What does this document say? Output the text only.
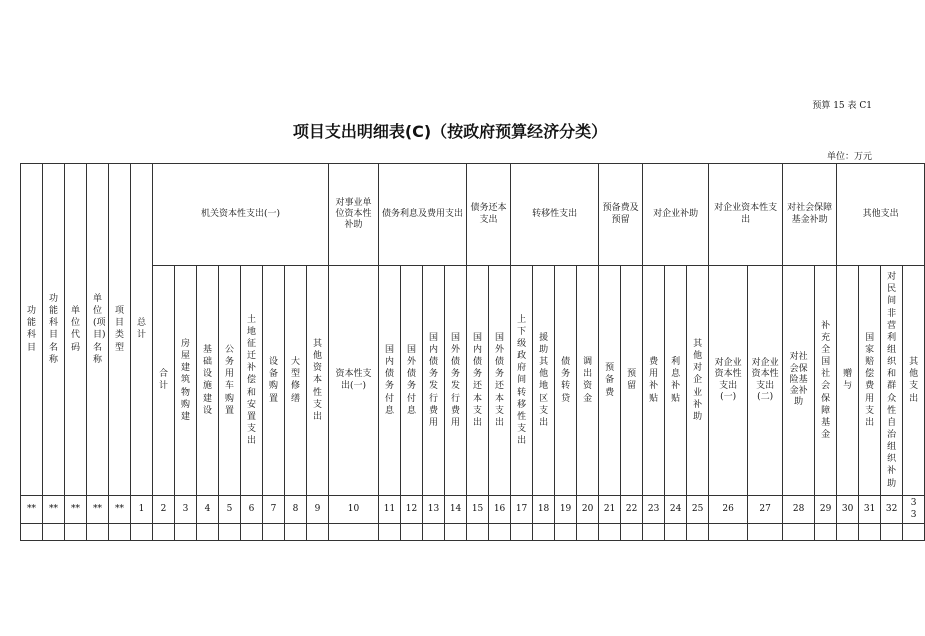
预算 15 表 C1
项目支出明细表(C)（按政府预算经济分类）
单位：万元
功能科目	功能科目名称	单位代码	单位(项目)名称	项目类型	总计	机关资本性支出(一)								对事业单位资本性补助	债务利息及费用支出				债务还本支出		转移性支出				预备费及预留		对企业补助			对企业资本性支出		对社会保障基金补助		其他支出			
						合计	房屋建筑物购建	基础设施建设	公务用车购置	土地征迁补偿和安置支出	设备购置	大型修缮	其他资本性支出	资本性支出(一)	国内债务付息	国外债务付息	国内债务发行费用	国外债务发行费用	国内债务还本支出	国外债务还本支出	上下级政府间转移性支出	援助其他地区支出	债务转贷	调出资金	预备费	预留	费用补贴	利息补贴	其他对企业补助	对企业资本性支出(一)	对企业资本性支出(二)	对社会保险基金补助	补充全国社会保障基金	赠与	国家赔偿费用支出	对民间非营利组织和群众性自治组织补助	其他支出
**	**	**	**	**	1	2	3	4	5	6	7	8	9	10	11	12	13	14	15	16	17	18	19	20	21	22	23	24	25	26	27	28	29	30	31	32	33
